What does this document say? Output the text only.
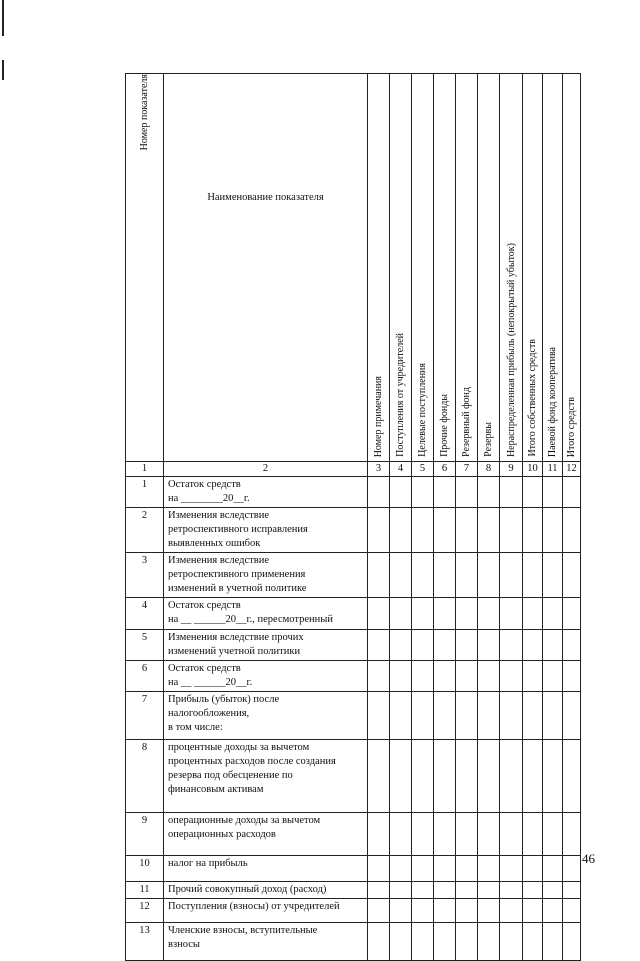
Номер показателя	Наименование показателя	Номер примечания	Поступления от учредителей	Целевые поступления	Прочие фонды	Резервный фонд	Резервы	Нераспределенная прибыль (непокрытый убыток)	Итого собственных средств	Паевой фонд кооператива	Итого средств

1	2	3	4	5	6	7	8	9	10	11	12
1	Остаток средств
на ________20__г.										
2	Изменения вследствие
ретроспективного исправления
выявленных ошибок										
3	Изменения вследствие
ретроспективного применения
изменений в учетной политике										
4	Остаток средств
на __ ______20__г., пересмотренный										
5	Изменения вследствие прочих
изменений учетной политики										
6	Остаток средств
на __ ______20__г.										
7	Прибыль (убыток) после
налогообложения,
в том числе:										
8	процентные доходы за вычетом
процентных расходов после создания
резерва под обесценение по
финансовым активам										
9	операционные доходы за вычетом
операционных расходов										
10	налог на прибыль										
11	Прочий совокупный доход (расход)										
12	Поступления (взносы) от учредителей										
13	Членские взносы, вступительные
взносы										
46
